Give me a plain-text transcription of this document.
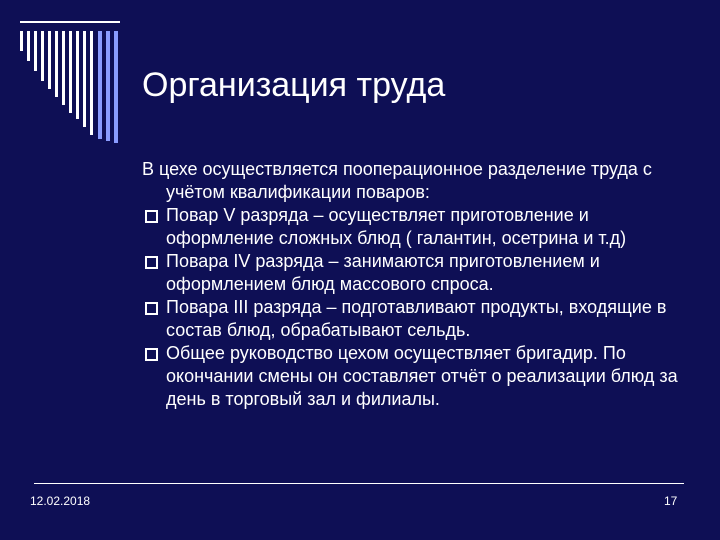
Организация труда

В цехе осуществляется пооперационное разделение труда с учётом квалификации поваров:

Повар V разряда – осуществляет приготовление и оформление сложных блюд ( галантин, осетрина и т.д)

Повара IV разряда – занимаются приготовлением и оформлением блюд массового спроса.

Повара III разряда – подготавливают продукты, входящие в состав блюд, обрабатывают сельдь.

Общее руководство цехом осуществляет бригадир. По окончании смены он составляет отчёт о реализации блюд за день в торговый зал и филиалы.

12.02.2018	17
